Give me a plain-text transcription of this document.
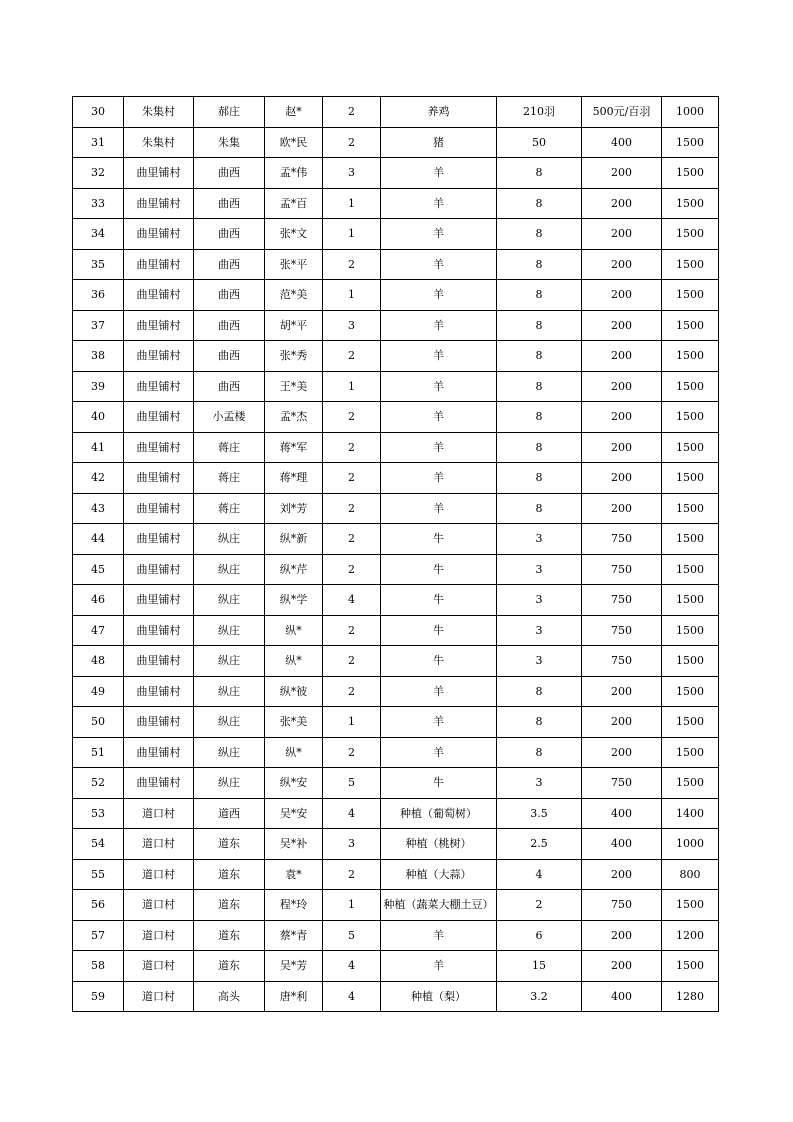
30	朱集村	郝庄	赵*	2	养鸡	210羽	500元/百羽	1000
31	朱集村	朱集	欧*民	2	猪	50	400	1500
32	曲里铺村	曲西	孟*伟	3	羊	8	200	1500
33	曲里铺村	曲西	孟*百	1	羊	8	200	1500
34	曲里铺村	曲西	张*文	1	羊	8	200	1500
35	曲里铺村	曲西	张*平	2	羊	8	200	1500
36	曲里铺村	曲西	范*美	1	羊	8	200	1500
37	曲里铺村	曲西	胡*平	3	羊	8	200	1500
38	曲里铺村	曲西	张*秀	2	羊	8	200	1500
39	曲里铺村	曲西	王*美	1	羊	8	200	1500
40	曲里铺村	小孟楼	孟*杰	2	羊	8	200	1500
41	曲里铺村	蒋庄	蒋*军	2	羊	8	200	1500
42	曲里铺村	蒋庄	蒋*理	2	羊	8	200	1500
43	曲里铺村	蒋庄	刘*芳	2	羊	8	200	1500
44	曲里铺村	纵庄	纵*新	2	牛	3	750	1500
45	曲里铺村	纵庄	纵*芹	2	牛	3	750	1500
46	曲里铺村	纵庄	纵*学	4	牛	3	750	1500
47	曲里铺村	纵庄	纵*	2	牛	3	750	1500
48	曲里铺村	纵庄	纵*	2	牛	3	750	1500
49	曲里铺村	纵庄	纵*彼	2	羊	8	200	1500
50	曲里铺村	纵庄	张*美	1	羊	8	200	1500
51	曲里铺村	纵庄	纵*	2	羊	8	200	1500
52	曲里铺村	纵庄	纵*安	5	牛	3	750	1500
53	道口村	道西	吴*安	4	种植（葡萄树）	3.5	400	1400
54	道口村	道东	吴*补	3	种植（桃树）	2.5	400	1000
55	道口村	道东	袁*	2	种植（大蒜）	4	200	800
56	道口村	道东	程*玲	1	种植（蔬菜大棚土豆）	2	750	1500
57	道口村	道东	蔡*青	5	羊	6	200	1200
58	道口村	道东	吴*芳	4	羊	15	200	1500
59	道口村	高头	唐*利	4	种植（梨）	3.2	400	1280
